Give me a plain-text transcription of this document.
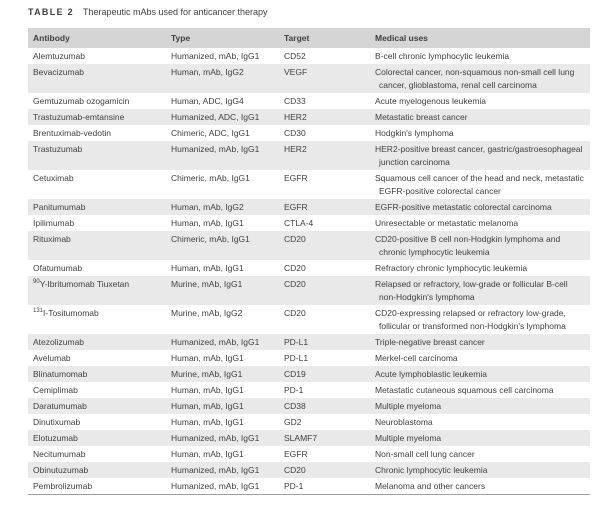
TABLE 2 Therapeutic mAbs used for anticancer therapy

Antibody	Type	Target	Medical uses
Alemtuzumab	Humanized, mAb, IgG1	CD52	B-cell chronic lymphocytic leukemia
Bevacizumab	Human, mAb, IgG2	VEGF	Colorectal cancer, non-squamous non-small cell lung cancer, glioblastoma, renal cell carcinoma
Gemtuzumab ozogamicin	Human, ADC, IgG4	CD33	Acute myelogenous leukemia
Trastuzumab-emtansine	Humanized, ADC, IgG1	HER2	Metastatic breast cancer
Brentuximab-vedotin	Chimeric, ADC, IgG1	CD30	Hodgkin's lymphoma
Trastuzumab	Humanized, mAb, IgG1	HER2	HER2-positive breast cancer, gastric/gastroesophageal junction carcinoma
Cetuximab	Chimeric, mAb, IgG1	EGFR	Squamous cell cancer of the head and neck, metastatic EGFR-positive colorectal cancer
Panitumumab	Human, mAb, IgG2	EGFR	EGFR-positive metastatic colorectal carcinoma
Ipilimumab	Human, mAb, IgG1	CTLA-4	Unresectable or metastatic melanoma
Rituximab	Chimeric, mAb, IgG1	CD20	CD20-positive B cell non-Hodgkin lymphoma and chronic lymphocytic leukemia
Ofatumumab	Human, mAb, IgG1	CD20	Refractory chronic lymphocytic leukemia
$^{90}$Y-Ibritumomab Tiuxetan	Murine, mAb, IgG1	CD20	Relapsed or refractory, low-grade or follicular B-cell non-Hodgkin's lymphoma
$^{131}$I-Tositumomab	Murine, mAb, IgG2	CD20	CD20-expressing relapsed or refractory low-grade, follicular or transformed non-Hodgkin's lymphoma
Atezolizumab	Humanized, mAb, IgG1	PD-L1	Triple-negative breast cancer
Avelumab	Human, mAb, IgG1	PD-L1	Merkel-cell carcinoma
Blinatumomab	Murine, mAb, IgG1	CD19	Acute lymphoblastic leukemia
Cemiplimab	Human, mAb, IgG1	PD-1	Metastatic cutaneous squamous cell carcinoma
Daratumumab	Human, mAb, IgG1	CD38	Multiple myeloma
Dinutixumab	Human, mAb, IgG1	GD2	Neuroblastoma
Elotuzumab	Humanized, mAb, IgG1	SLAMF7	Multiple myeloma
Necitumumab	Human, mAb, IgG1	EGFR	Non-small cell lung cancer
Obinutuzumab	Humanized, mAb, IgG1	CD20	Chronic lymphocytic leukemia
Pembrolizumab	Humanized, mAb, IgG1	PD-1	Melanoma and other cancers
